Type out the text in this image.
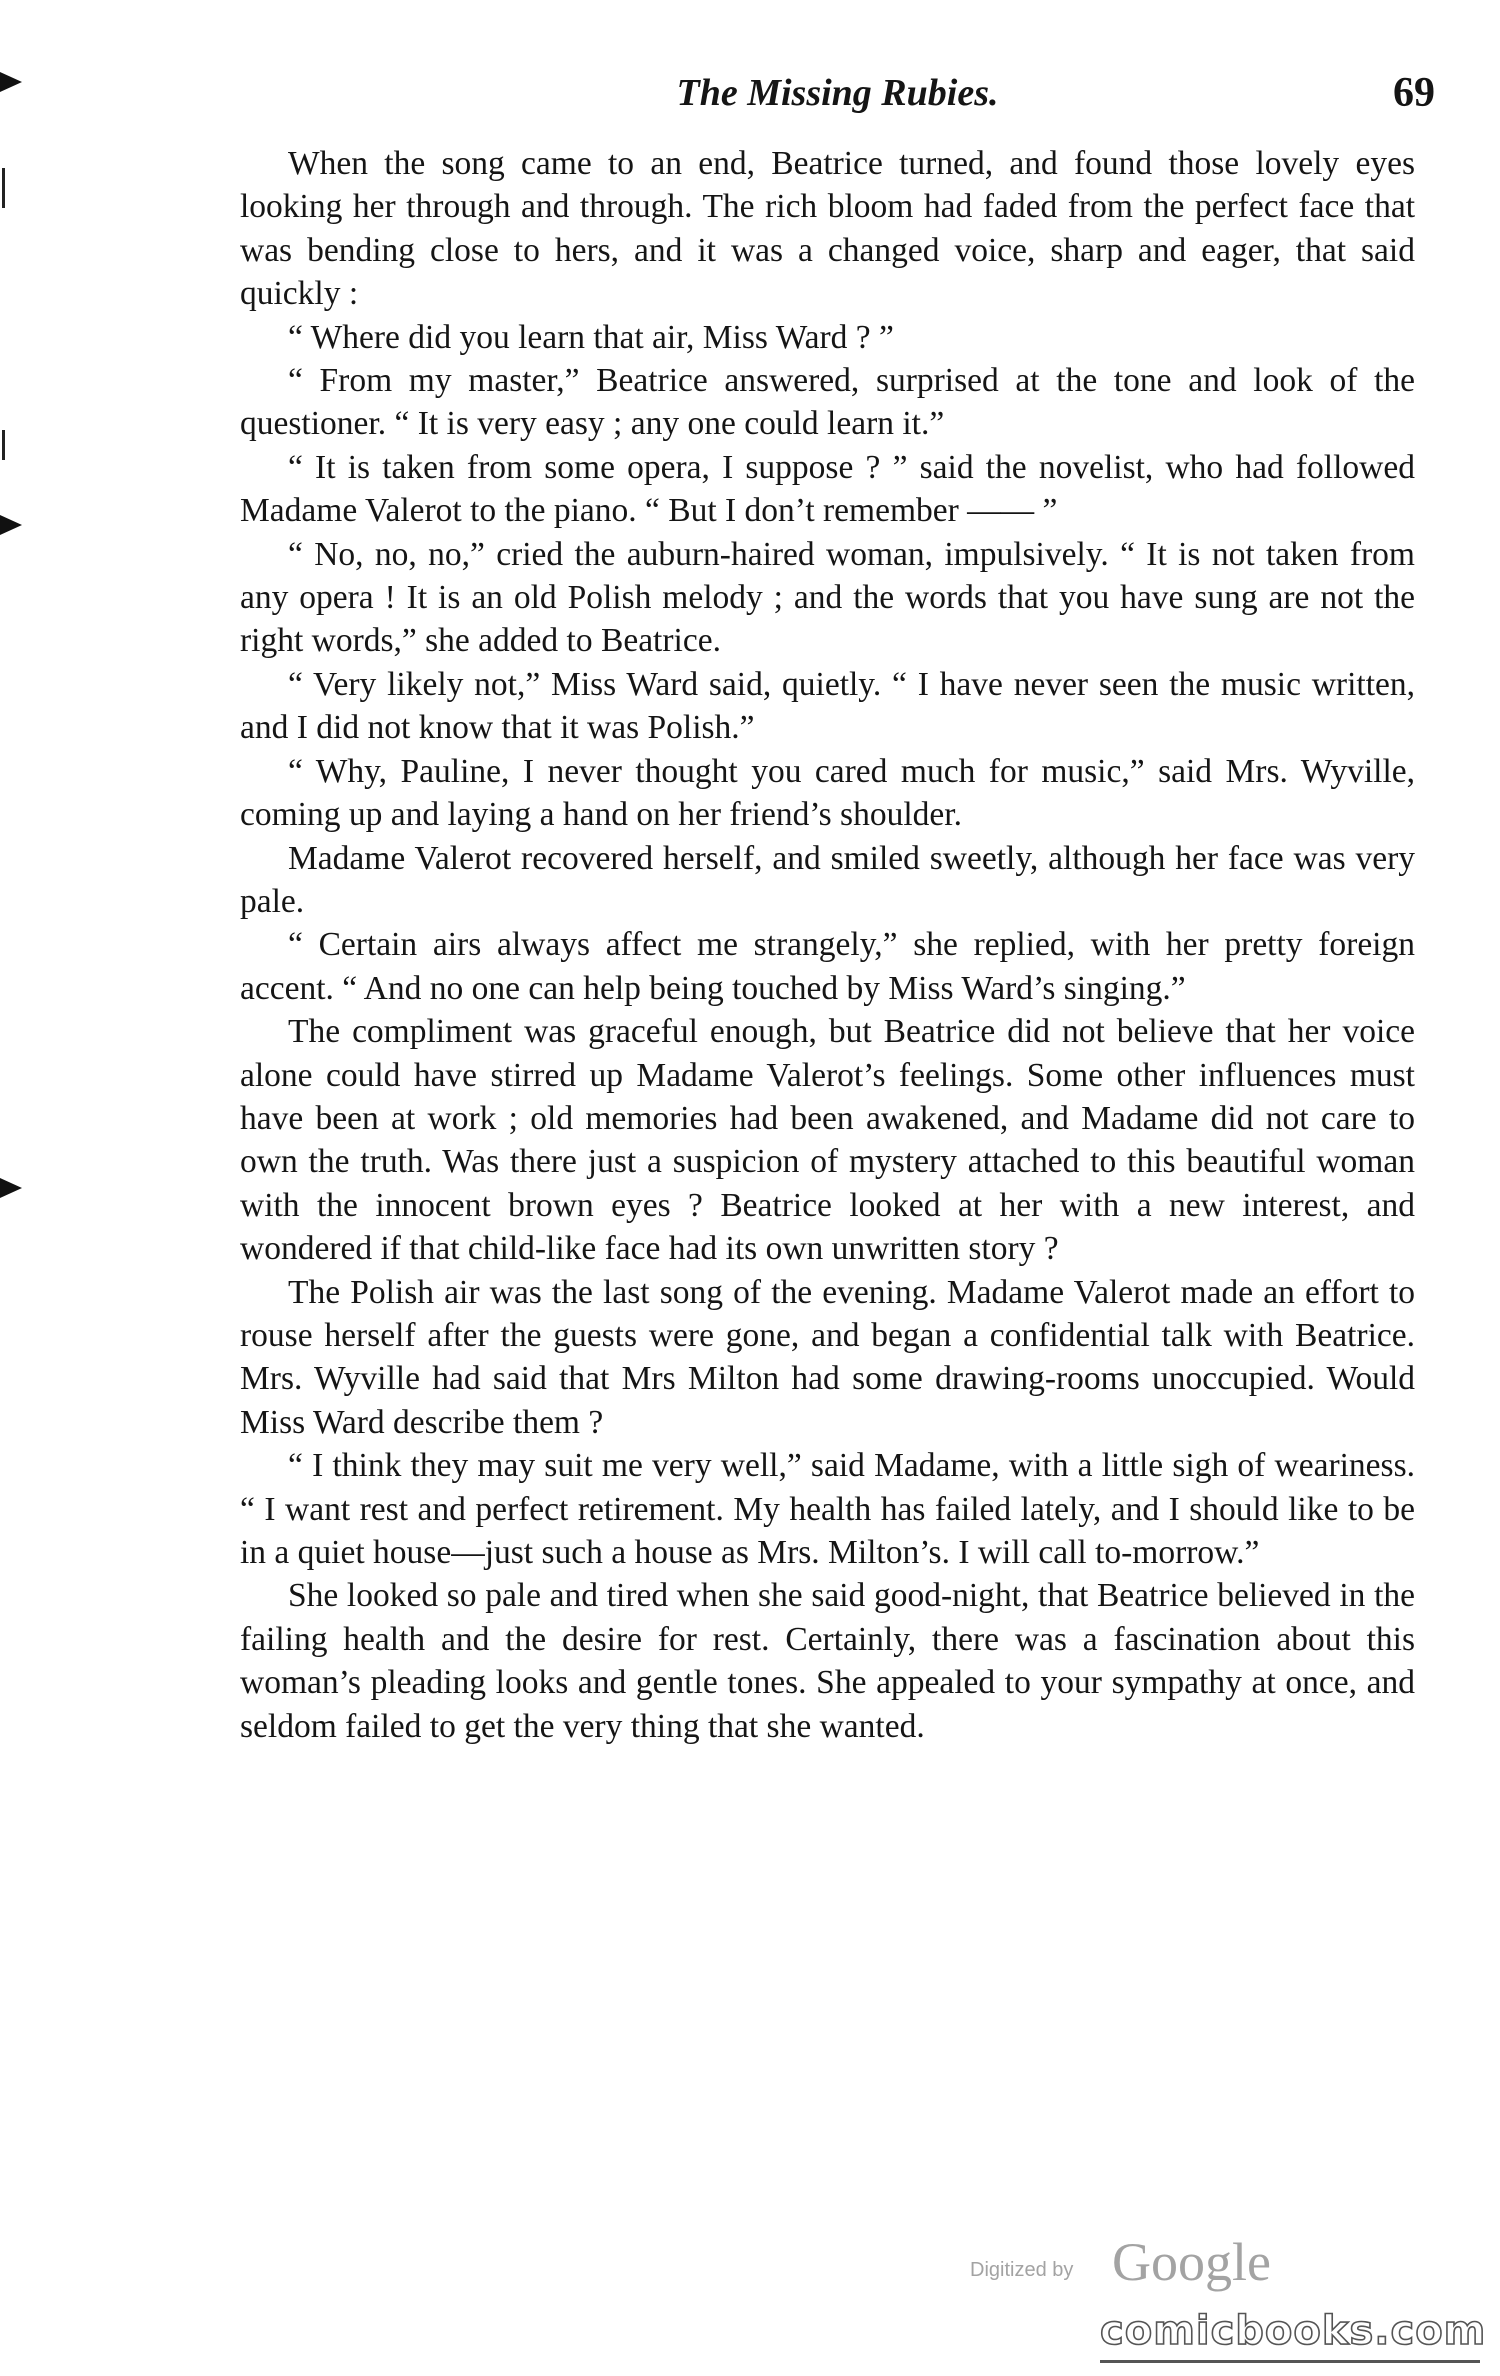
The Missing Rubies.	69

When the song came to an end, Beatrice turned, and found those lovely eyes looking her through and through. The rich bloom had faded from the perfect face that was bending close to hers, and it was a changed voice, sharp and eager, that said quickly :

“ Where did you learn that air, Miss Ward ? ”

“ From my master,” Beatrice answered, surprised at the tone and look of the questioner. “ It is very easy ; any one could learn it.”

“ It is taken from some opera, I suppose ? ” said the novelist, who had followed Madame Valerot to the piano. “ But I don’t remember —— ”

“ No, no, no,” cried the auburn-haired woman, impulsively. “ It is not taken from any opera ! It is an old Polish melody ; and the words that you have sung are not the right words,” she added to Beatrice.

“ Very likely not,” Miss Ward said, quietly. “ I have never seen the music written, and I did not know that it was Polish.”

“ Why, Pauline, I never thought you cared much for music,” said Mrs. Wyville, coming up and laying a hand on her friend’s shoulder.

Madame Valerot recovered herself, and smiled sweetly, although her face was very pale.

“ Certain airs always affect me strangely,” she replied, with her pretty foreign accent. “ And no one can help being touched by Miss Ward’s singing.”

The compliment was graceful enough, but Beatrice did not believe that her voice alone could have stirred up Madame Valerot’s feelings. Some other influences must have been at work ; old memories had been awakened, and Madame did not care to own the truth. Was there just a suspicion of mystery attached to this beautiful woman with the innocent brown eyes ? Beatrice looked at her with a new interest, and wondered if that child-like face had its own unwritten story ?

The Polish air was the last song of the evening. Madame Valerot made an effort to rouse herself after the guests were gone, and began a confidential talk with Beatrice. Mrs. Wyville had said that Mrs Milton had some drawing-rooms unoccupied. Would Miss Ward describe them ?

“ I think they may suit me very well,” said Madame, with a little sigh of weariness. “ I want rest and perfect retirement. My health has failed lately, and I should like to be in a quiet house—just such a house as Mrs. Milton’s. I will call to-morrow.”

She looked so pale and tired when she said good-night, that Beatrice believed in the failing health and the desire for rest. Certainly, there was a fascination about this woman’s pleading looks and gentle tones. She appealed to your sympathy at once, and seldom failed to get the very thing that she wanted.

Digitized by Google
comicbooks.com
